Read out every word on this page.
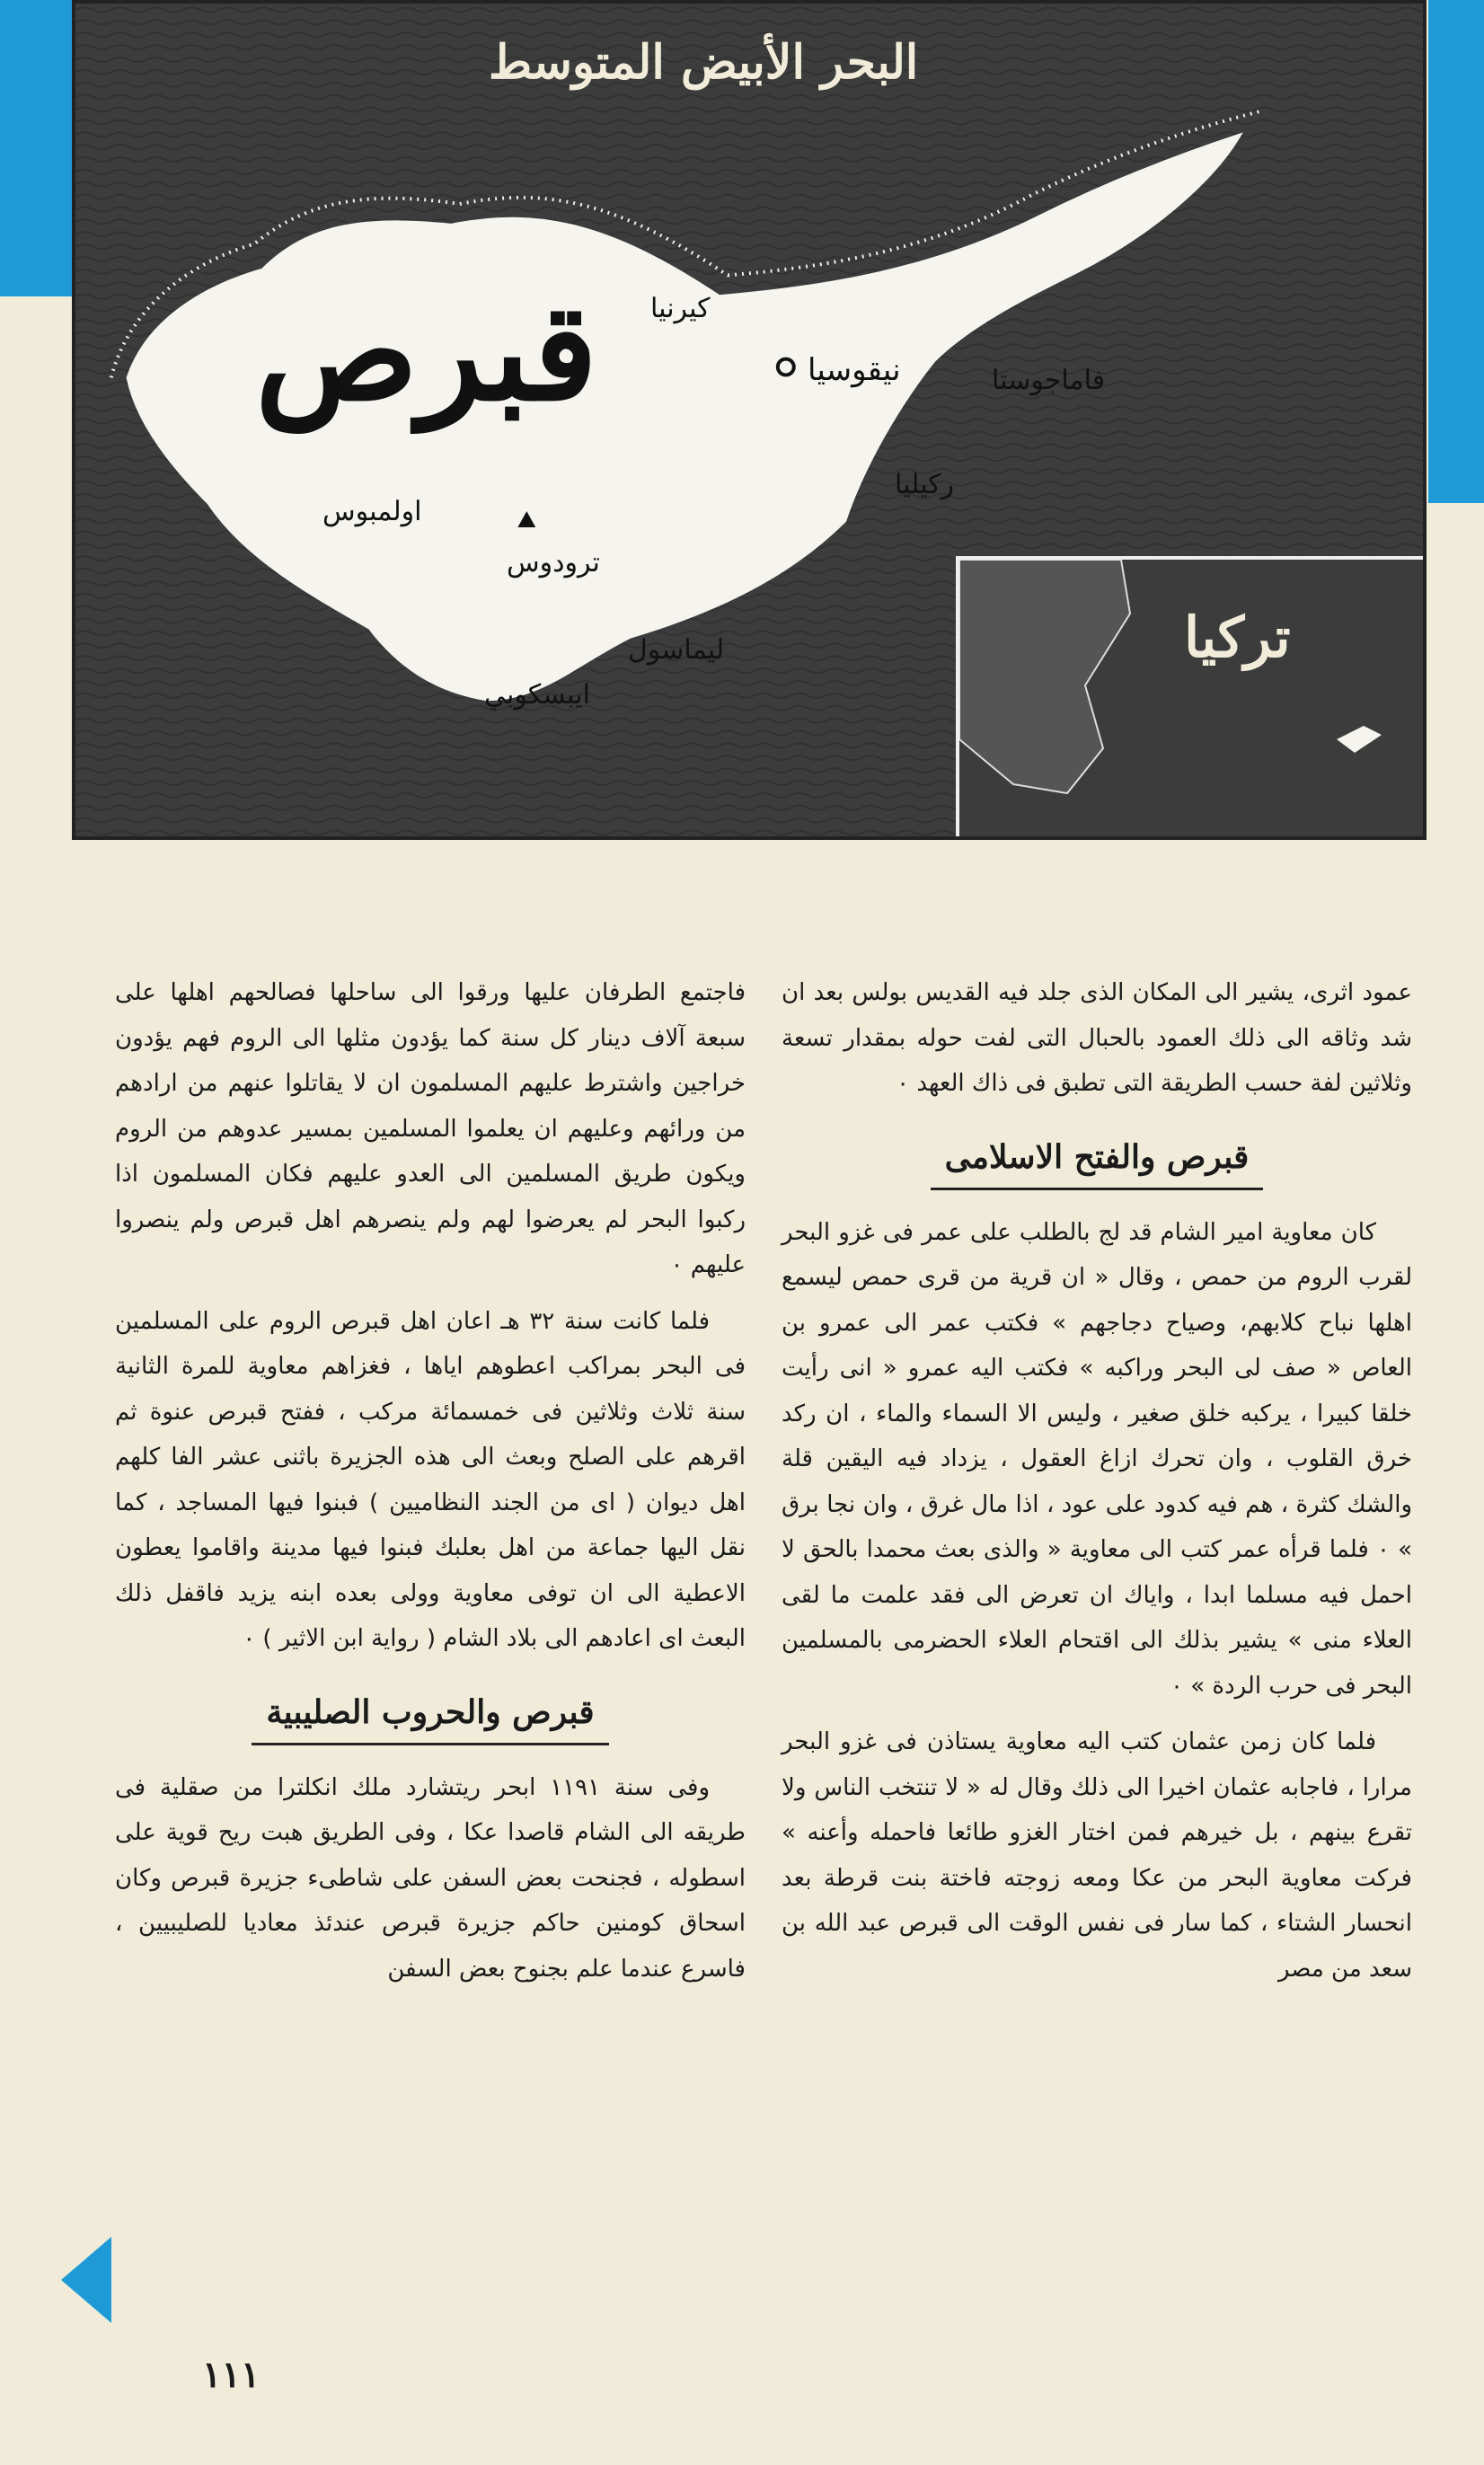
البحر الأبيض المتوسط
قبرص كيرنيا
نيقوسيا	فاماجوستا
ركيليا
اولمبوس
ترودوس
ليماسول
ايبسكوبي
تركيا

عمود اثرى، يشير الى المكان الذى جلد فيه القديس بولس بعد ان شد وثاقه الى ذلك العمود بالحبال التى لفت حوله بمقدار تسعة وثلاثين لفة حسب الطريقة التى تطبق فى ذاك العهد ٠

قبرص والفتح الاسلامى

كان معاوية امير الشام قد لج بالطلب على عمر فى غزو البحر لقرب الروم من حمص ، وقال « ان قرية من قرى حمص ليسمع اهلها نباح كلابهم، وصياح دجاجهم » فكتب عمر الى عمرو بن العاص « صف لى البحر وراكبه » فكتب اليه عمرو « انى رأيت خلقا كبيرا ، يركبه خلق صغير ، وليس الا السماء والماء ، ان ركد خرق القلوب ، وان تحرك ازاغ العقول ، يزداد فيه اليقين قلة والشك كثرة ، هم فيه كدود على عود ، اذا مال غرق ، وان نجا برق » ٠ فلما قرأه عمر كتب الى معاوية « والذى بعث محمدا بالحق لا احمل فيه مسلما ابدا ، واياك ان تعرض الى فقد علمت ما لقى العلاء منى » يشير بذلك الى اقتحام العلاء الحضرمى بالمسلمين البحر فى حرب الردة » ٠

فلما كان زمن عثمان كتب اليه معاوية يستاذن فى غزو البحر مرارا ، فاجابه عثمان اخيرا الى ذلك وقال له « لا تنتخب الناس ولا تقرع بينهم ، بل خيرهم فمن اختار الغزو طائعا فاحمله وأعنه » فركت معاوية البحر من عكا ومعه زوجته فاختة بنت قرطة بعد انحسار الشتاء ، كما سار فى نفس الوقت الى قبرص عبد الله بن سعد من مصر

فاجتمع الطرفان عليها ورقوا الى ساحلها فصالحهم اهلها على سبعة آلاف دينار كل سنة كما يؤدون مثلها الى الروم فهم يؤدون خراجين واشترط عليهم المسلمون ان لا يقاتلوا عنهم من ارادهم من ورائهم وعليهم ان يعلموا المسلمين بمسير عدوهم من الروم ويكون طريق المسلمين الى العدو عليهم فكان المسلمون اذا ركبوا البحر لم يعرضوا لهم ولم ينصرهم اهل قبرص ولم ينصروا عليهم ٠

فلما كانت سنة ٣٢ هـ اعان اهل قبرص الروم على المسلمين فى البحر بمراكب اعطوهم اياها ، فغزاهم معاوية للمرة الثانية سنة ثلاث وثلاثين فى خمسمائة مركب ، ففتح قبرص عنوة ثم اقرهم على الصلح وبعث الى هذه الجزيرة باثنى عشر الفا كلهم اهل ديوان ( اى من الجند النظاميين ) فبنوا فيها المساجد ، كما نقل اليها جماعة من اهل بعلبك فبنوا فيها مدينة واقاموا يعطون الاعطية الى ان توفى معاوية وولى بعده ابنه يزيد فاقفل ذلك البعث اى اعادهم الى بلاد الشام ( رواية ابن الاثير ) ٠

قبرص والحروب الصليبية

وفى سنة ١١٩١ ابحر ريتشارد ملك انكلترا من صقلية فى طريقه الى الشام قاصدا عكا ، وفى الطريق هبت ريح قوية على اسطوله ، فجنحت بعض السفن على شاطىء جزيرة قبرص وكان اسحاق كومنين حاكم جزيرة قبرص عندئذ معاديا للصليبيين ، فاسرع عندما علم بجنوح بعض السفن

١١١
